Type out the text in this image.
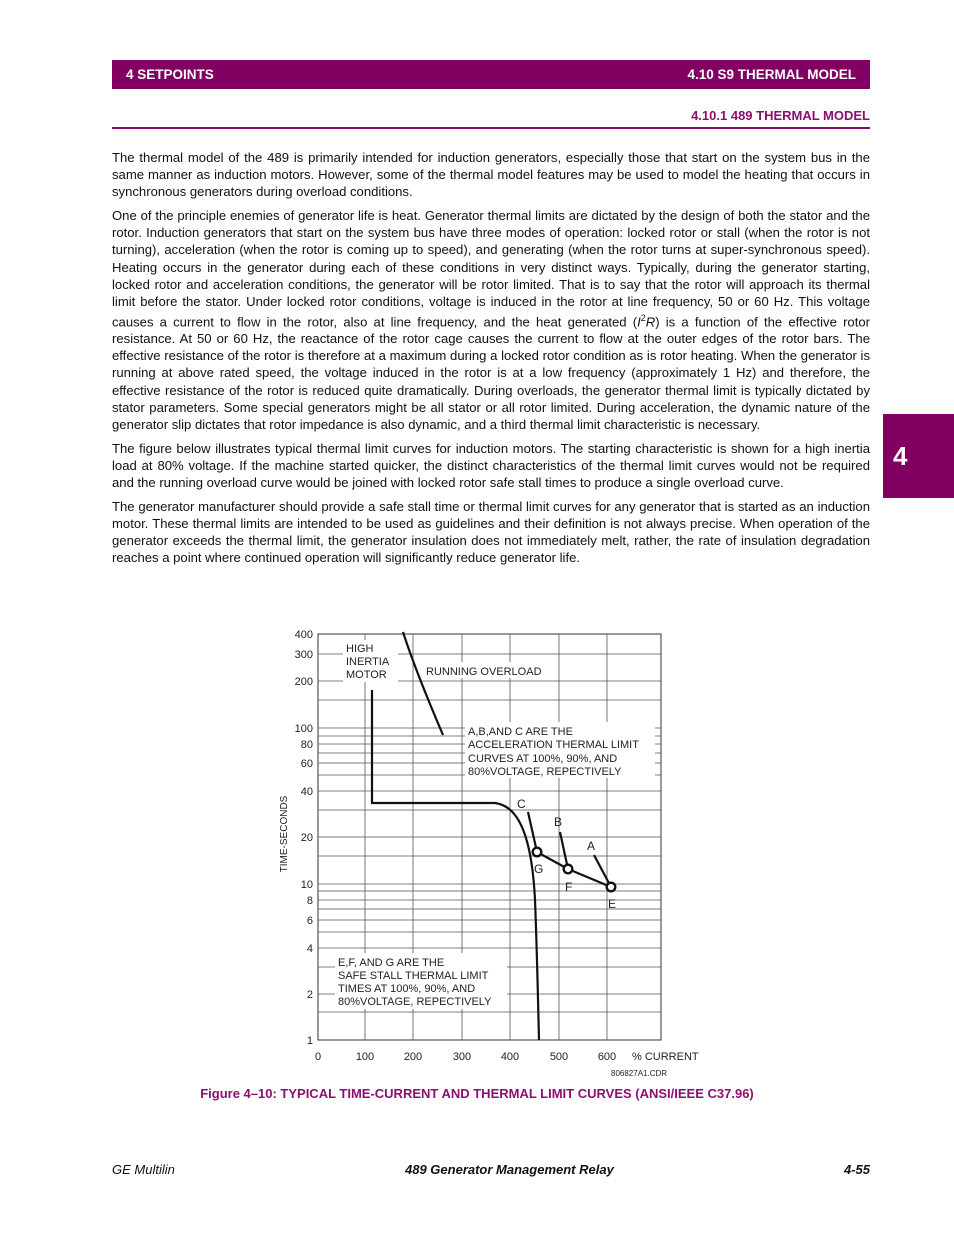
4 SETPOINTS	4.10 S9 THERMAL MODEL
4.10.1 489 THERMAL MODEL

The thermal model of the 489 is primarily intended for induction generators, especially those that start on the system bus in the same manner as induction motors. However, some of the thermal model features may be used to model the heating that occurs in synchronous generators during overload conditions.

One of the principle enemies of generator life is heat. Generator thermal limits are dictated by the design of both the stator and the rotor. Induction generators that start on the system bus have three modes of operation: locked rotor or stall (when the rotor is not turning), acceleration (when the rotor is coming up to speed), and generating (when the rotor turns at super-synchronous speed). Heating occurs in the generator during each of these conditions in very distinct ways. Typically, during the generator starting, locked rotor and acceleration conditions, the generator will be rotor limited. That is to say that the rotor will approach its thermal limit before the stator. Under locked rotor conditions, voltage is induced in the rotor at line frequency, 50 or 60 Hz. This voltage causes a current to flow in the rotor, also at line frequency, and the heat generated $(I^2R)$ is a function of the effective rotor resistance. At 50 or 60 Hz, the reactance of the rotor cage causes the current to flow at the outer edges of the rotor bars. The effective resistance of the rotor is therefore at a maximum during a locked rotor condition as is rotor heating. When the generator is running at above rated speed, the voltage induced in the rotor is at a low frequency (approximately 1 Hz) and therefore, the effective resistance of the rotor is reduced quite dramatically. During overloads, the generator thermal limit is typically dictated by stator parameters. Some special generators might be all stator or all rotor limited. During acceleration, the dynamic nature of the generator slip dictates that rotor impedance is also dynamic, and a third thermal limit characteristic is necessary.

The figure below illustrates typical thermal limit curves for induction motors. The starting characteristic is shown for a high inertia load at 80% voltage. If the machine started quicker, the distinct characteristics of the thermal limit curves would not be required and the running overload curve would be joined with locked rotor safe stall times to produce a single overload curve.

The generator manufacturer should provide a safe stall time or thermal limit curves for any generator that is started as an induction motor. These thermal limits are intended to be used as guidelines and their definition is not always precise. When operation of the generator exceeds the thermal limit, the generator insulation does not immediately melt, rather, the rate of insulation degradation reaches a point where continued operation will significantly reduce generator life.

4
400
300
200
100
80
60
40
20
10
8
6
4
2
1
0	100	200	300	400	500	600 % CURRENT
TIME-SECONDS
HIGH
INERTIA
MOTOR	RUNNING OVERLOAD
A,B,AND C ARE THE
ACCELERATION THERMAL LIMIT
CURVES AT 100%, 90%, AND
80%VOLTAGE, REPECTIVELY
E,F, AND G ARE THE
SAFE STALL THERMAL LIMIT
TIMES AT 100%, 90%, AND
80%VOLTAGE, REPECTIVELY
A
B
C
E
F
G
806827A1.CDR
Figure 4–10: TYPICAL TIME-CURRENT AND THERMAL LIMIT CURVES (ANSI/IEEE C37.96)
GE Multilin	489 Generator Management Relay	4-55
